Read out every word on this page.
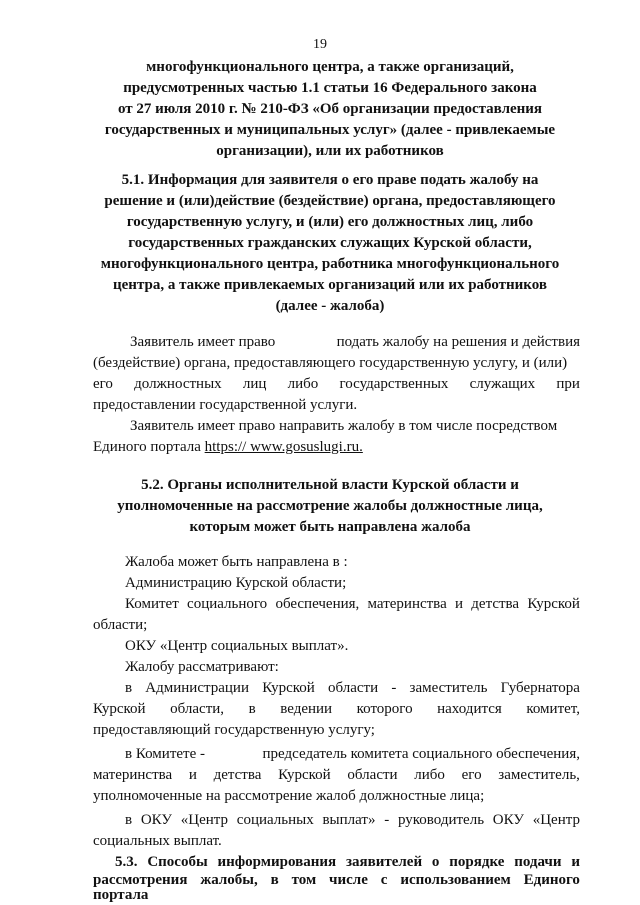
19
многофункционального центра, а также организаций,
предусмотренных частью 1.1 статьи 16 Федерального закона
от 27 июля 2010 г. № 210-ФЗ «Об организации предоставления
государственных и муниципальных услуг» (далее - привлекаемые
организации), или их работников
5.1. Информация для заявителя о его праве подать жалобу на
решение и (или)действие (бездействие) органа, предоставляющего
государственную услугу, и (или) его должностных лиц, либо
государственных гражданских служащих Курской области,
многофункционального центра, работника многофункционального
центра, а также привлекаемых организаций или их работников
(далее - жалоба)
Заявитель имеет право	подать жалобу на решения и действия
(бездействие) органа, предоставляющего государственную услугу, и (или)
его должностных лиц либо государственных служащих при
предоставлении государственной услуги.
Заявитель имеет право направить жалобу в том числе посредством
Единого портала https:// www.gosuslugi.ru.
5.2. Органы исполнительной власти Курской области и
уполномоченные на рассмотрение жалобы должностные лица,
которым может быть направлена жалоба
Жалоба может быть направлена в :
Администрацию Курской области;
Комитет социального обеспечения, материнства и детства Курской
области;
ОКУ «Центр социальных выплат».
Жалобу рассматривают:
в Администрации Курской области - заместитель Губернатора
Курской области, в ведении которого находится комитет,
предоставляющий государственную услугу;
в Комитете -	председатель комитета социального обеспечения,
материнства и детства Курской области либо его заместитель,
уполномоченные на рассмотрение жалоб должностные лица;
в ОКУ «Центр социальных выплат» - руководитель ОКУ «Центр
социальных выплат.
5.3. Способы информирования заявителей о порядке подачи и
рассмотрения жалобы, в том числе с использованием Единого
портала
